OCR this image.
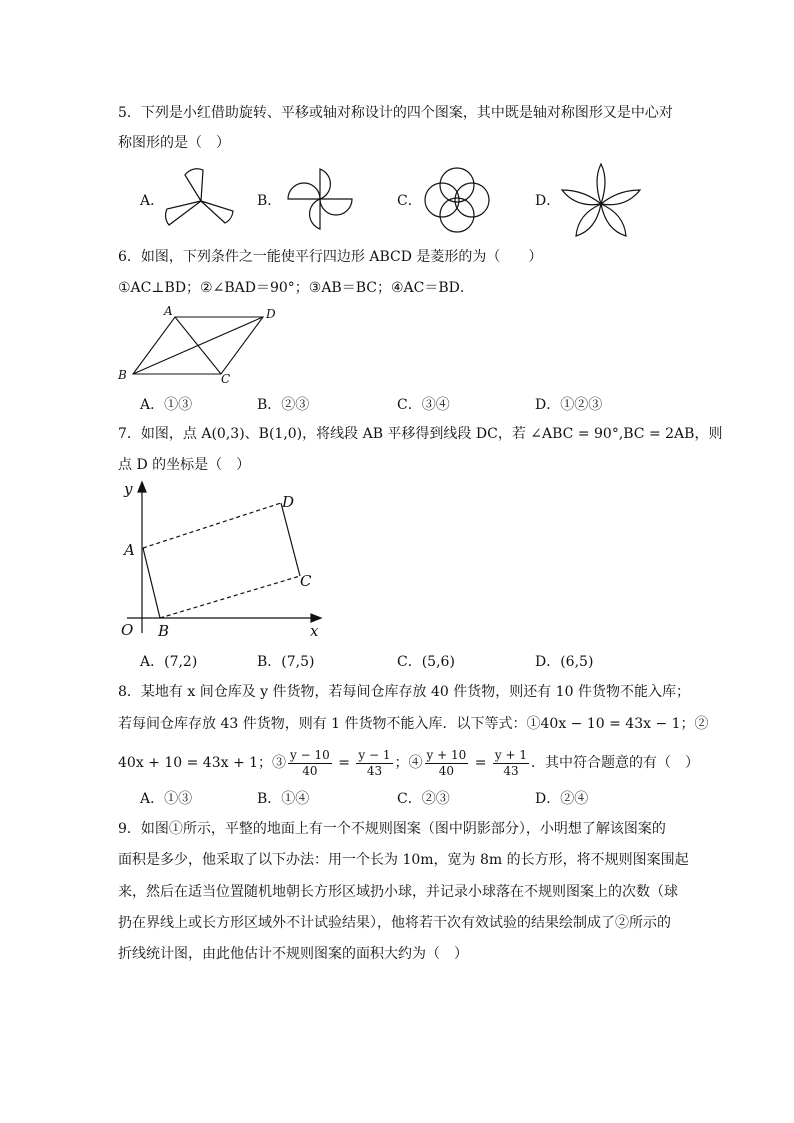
5．下列是小红借助旋转、平移或轴对称设计的四个图案，其中既是轴对称图形又是中心对
称图形的是（　）
A．	B．	C．	D．
6．如图，下列条件之一能使平行四边形 ABCD 是菱形的为（　　）
①AC⊥BD；②∠BAD＝90°；③AB＝BC；④AC＝BD．
A	D
B	C
A．①③	B．②③	C．③④	D．①②③
7．如图，点 A(0,3)、B(1,0)，将线段 AB 平移得到线段 DC，若 ∠ABC = 90°,BC = 2AB，则
点 D 的坐标是（　）
y
D
A
C
O B	x
A．(7,2)	B．(7,5)	C．(5,6)	D．(6,5)
8．某地有 x 间仓库及 y 件货物，若每间仓库存放 40 件货物，则还有 10 件货物不能入库；
若每间仓库存放 43 件货物，则有 1 件货物不能入库．以下等式：①40x − 10 = 43x − 1；②
40x + 10 = 43x + 1；③ $\frac{y - 10}{40} = \frac{y - 1}{43}$ ；④ $\frac{y + 10}{40} = \frac{y + 1}{43}$ ．其中符合题意的有（　）
A．①③	B．①④	C．②③	D．②④
9．如图①所示，平整的地面上有一个不规则图案（图中阴影部分），小明想了解该图案的
面积是多少，他采取了以下办法：用一个长为 10m，宽为 8m 的长方形，将不规则图案围起
来，然后在适当位置随机地朝长方形区域扔小球，并记录小球落在不规则图案上的次数（球
扔在界线上或长方形区域外不计试验结果），他将若干次有效试验的结果绘制成了②所示的
折线统计图，由此他估计不规则图案的面积大约为（　）
